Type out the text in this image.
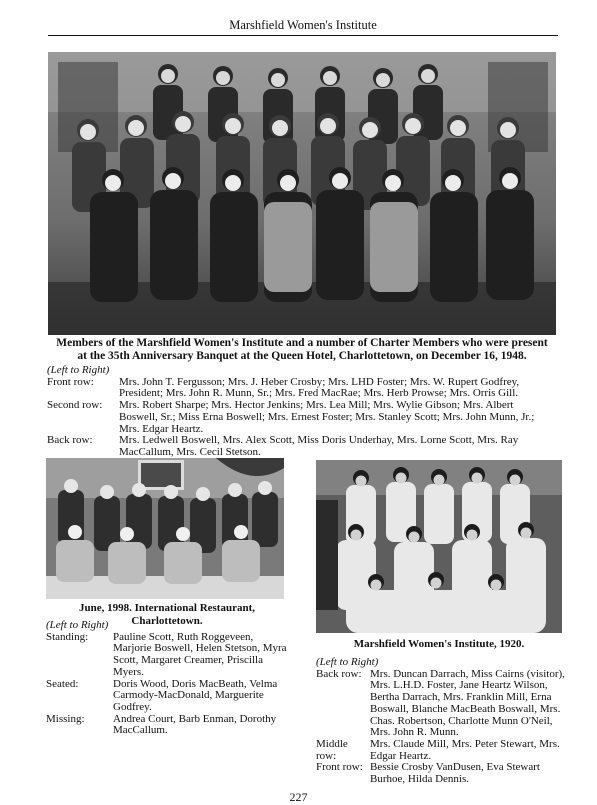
Marshfield Women's Institute
Members of the Marshfield Women's Institute and a number of Charter Members who were present at the 35th Anniversary Banquet at the Queen Hotel, Charlottetown, on December 16, 1948.
(Left to Right)
Front row:	Mrs. John T. Fergusson; Mrs. J. Heber Crosby; Mrs. LHD Foster; Mrs. W. Rupert Godfrey, President; Mrs. John R. Munn, Sr.; Mrs. Fred MacRae; Mrs. Herb Prowse; Mrs. Orris Gill.
Second row:	Mrs. Robert Sharpe; Mrs. Hector Jenkins; Mrs. Lea Mill; Mrs. Wylie Gibson; Mrs. Albert Boswell, Sr.; Miss Erna Boswell; Mrs. Ernest Foster; Mrs. Stanley Scott; Mrs. John Munn, Jr.; Mrs. Edgar Heartz.
Back row:	Mrs. Ledwell Boswell, Mrs. Alex Scott, Miss Doris Underhay, Mrs. Lorne Scott, Mrs. Ray MacCallum, Mrs. Cecil Stetson.
June, 1998. International Restaurant, Charlottetown.
(Left to Right)
Standing:	Pauline Scott, Ruth Roggeveen, Marjorie Boswell, Helen Stetson, Myra Scott, Margaret Creamer, Priscilla Myers.
Seated:	Doris Wood, Doris MacBeath, Velma Carmody-MacDonald, Marguerite Godfrey.
Missing:	Andrea Court, Barb Enman, Dorothy MacCallum.
Marshfield Women's Institute, 1920.
(Left to Right)
Back row: Mrs. Duncan Darrach, Miss Cairns (visitor), Mrs. L.H.D. Foster, Jane Heartz Wilson, Bertha Darrach, Mrs. Franklin Mill, Erna Boswall, Blanche MacBeath Boswall, Mrs. Chas. Robertson, Charlotte Munn O'Neil, Mrs. John R. Munn.
Middle row:
Mrs. Claude Mill, Mrs. Peter Stewart, Mrs. Edgar Heartz.
Front row: Bessie Crosby VanDusen, Eva Stewart Burhoe, Hilda Dennis.
227
